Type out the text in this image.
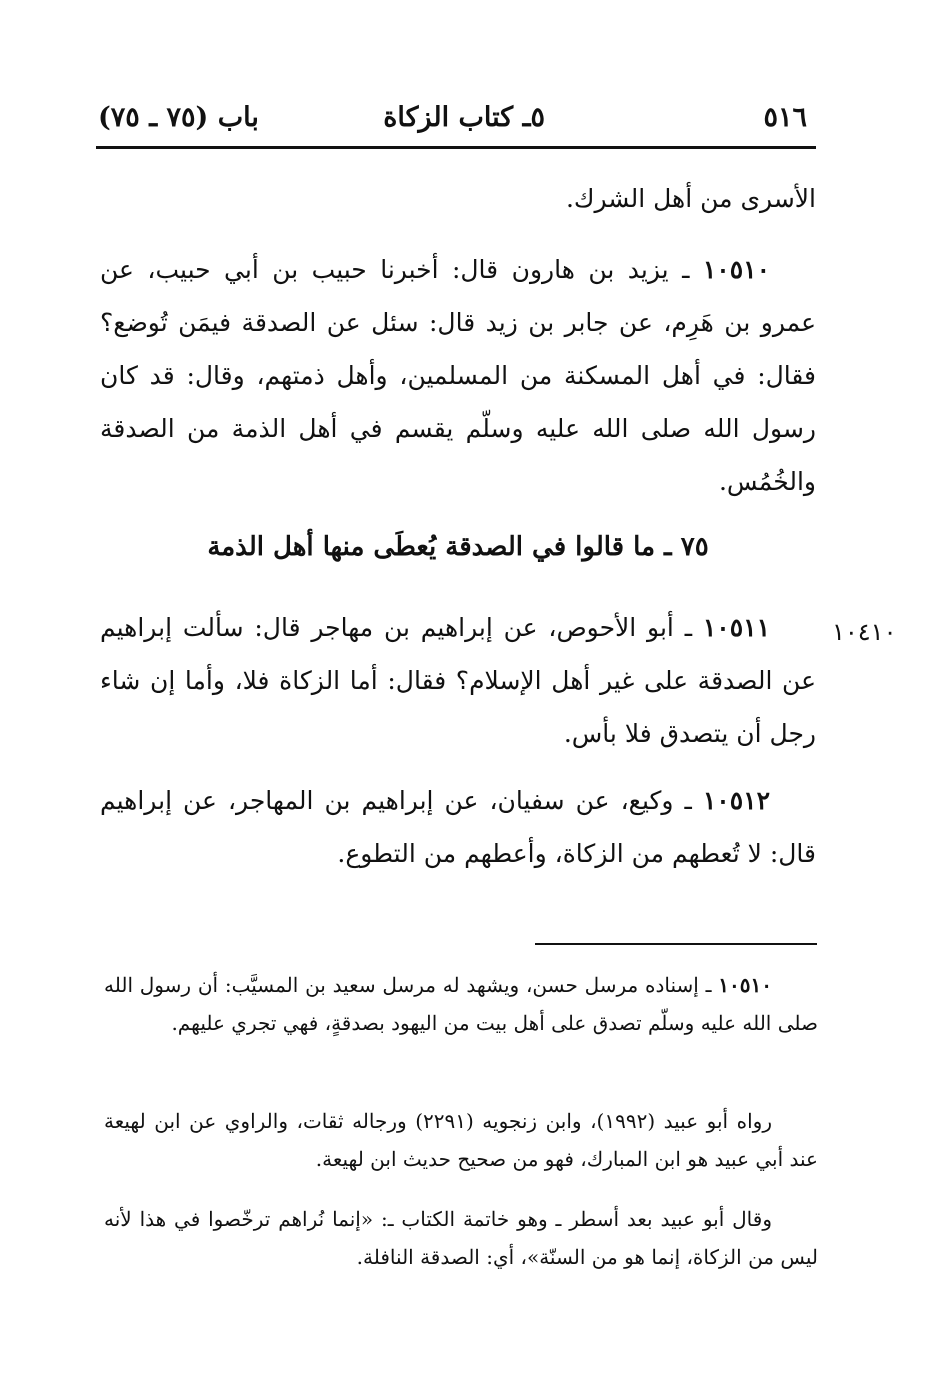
٥١٦
٥ـ كتاب الزكاة
باب (٧٥ ـ ٧٥)
الأسرى من أهل الشرك.
١٠٥١٠ ـ يزيد بن هارون قال: أخبرنا حبيب بن أبي حبيب، عن عمرو بن هَرِم، عن جابر بن زيد قال: سئل عن الصدقة فيمَن تُوضع؟ فقال: في أهل المسكنة من المسلمين، وأهل ذمتهم، وقال: قد كان رسول الله صلى الله عليه وسلّم يقسم في أهل الذمة من الصدقة والخُمُس.
٧٥ ـ ما قالوا في الصدقة يُعطَى منها أهل الذمة
١٠٤١٠
١٠٥١١ ـ أبو الأحوص، عن إبراهيم بن مهاجر قال: سألت إبراهيم عن الصدقة على غير أهل الإسلام؟ فقال: أما الزكاة فلا، وأما إن شاء رجل أن يتصدق فلا بأس.
١٠٥١٢ ـ وكيع، عن سفيان، عن إبراهيم بن المهاجر، عن إبراهيم قال: لا تُعطهم من الزكاة، وأعطهم من التطوع.
١٠٥١٠ ـ إسناده مرسل حسن، ويشهد له مرسل سعيد بن المسيَّب: أن رسول الله صلى الله عليه وسلّم تصدق على أهل بيت من اليهود بصدقةٍ، فهي تجري عليهم.
رواه أبو عبيد (١٩٩٢)، وابن زنجويه (٢٢٩١) ورجاله ثقات، والراوي عن ابن لهيعة عند أبي عبيد هو ابن المبارك، فهو من صحيح حديث ابن لهيعة.
وقال أبو عبيد بعد أسطر ـ وهو خاتمة الكتاب ـ: «إنما نُراهم ترخّصوا في هذا لأنه ليس من الزكاة، إنما هو من السنّة»، أي: الصدقة النافلة.
